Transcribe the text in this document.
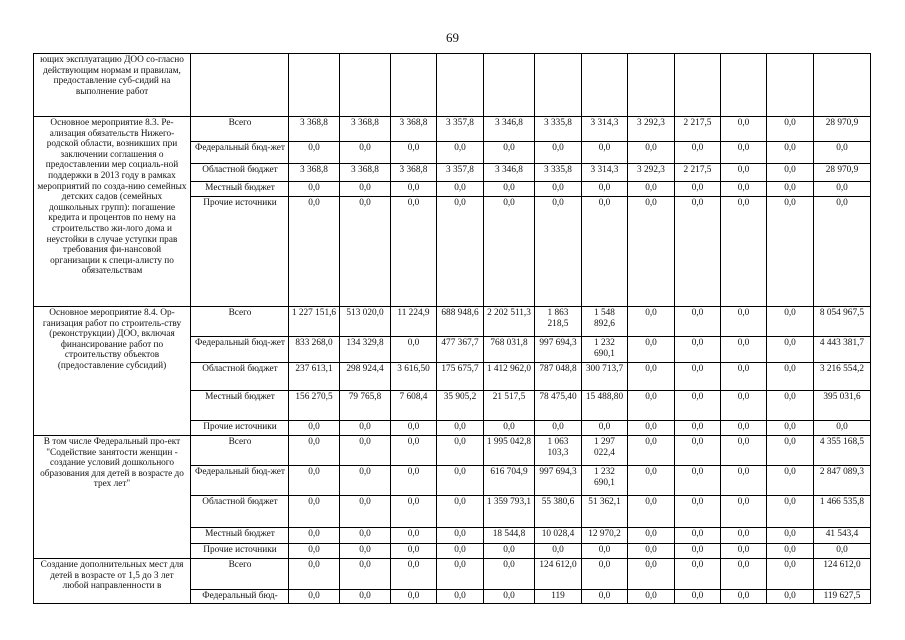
69
ющих эксплуатацию ДОО со-гласно действующим нормам и правилам, предоставление суб-сидий на выполнение работ													
Основное мероприятие 8.3. Ре-ализация обязательств Нижего-родской области, возникших при заключении соглашения о предоставлении мер социаль-ной поддержки в 2013 году в рамках мероприятий по созда-нию семейных детских садов (семейных дошкольных групп): погашение кредита и процентов по нему на строительство жи-лого дома и неустойки в случае уступки прав требования фи-нансовой организации к специ-алисту по обязательствам	Всего	3 368,8	3 368,8	3 368,8	3 357,8	3 346,8	3 335,8	3 314,3	3 292,3	2 217,5	0,0	0,0	28 970,9
	Федеральный бюд-жет	0,0	0,0	0,0	0,0	0,0	0,0	0,0	0,0	0,0	0,0	0,0	0,0
	Областной бюджет	3 368,8	3 368,8	3 368,8	3 357,8	3 346,8	3 335,8	3 314,3	3 292,3	2 217,5	0,0	0,0	28 970,9
	Местный бюджет	0,0	0,0	0,0	0,0	0,0	0,0	0,0	0,0	0,0	0,0	0,0	0,0
	Прочие источники	0,0	0,0	0,0	0,0	0,0	0,0	0,0	0,0	0,0	0,0	0,0	0,0
Основное мероприятие 8.4. Ор-ганизация работ по строитель-ству (реконструкции) ДОО, включая финансирование работ по строительству объектов (предоставление субсидий)	Всего	1 227 151,6	513 020,0	11 224,9	688 948,6	2 202 511,3	1 863 218,5	1 548 892,6	0,0	0,0	0,0	0,0	8 054 967,5
	Федеральный бюд-жет	833 268,0	134 329,8	0,0	477 367,7	768 031,8	997 694,3	1 232 690,1	0,0	0,0	0,0	0,0	4 443 381,7
	Областной бюджет	237 613,1	298 924,4	3 616,50	175 675,7	1 412 962,0	787 048,8	300 713,7	0,0	0,0	0,0	0,0	3 216 554,2
	Местный бюджет	156 270,5	79 765,8	7 608,4	35 905,2	21 517,5	78 475,40	15 488,80	0,0	0,0	0,0	0,0	395 031,6
	Прочие источники	0,0	0,0	0,0	0,0	0,0	0,0	0,0	0,0	0,0	0,0	0,0	0,0
В том числе Федеральный про-ект "Содействие занятости женщин - создание условий дошкольного образования для детей в возрасте до трех лет"	Всего	0,0	0,0	0,0	0,0	1 995 042,8	1 063 103,3	1 297 022,4	0,0	0,0	0,0	0,0	4 355 168,5
	Федеральный бюд-жет	0,0	0,0	0,0	0,0	616 704,9	997 694,3	1 232 690,1	0,0	0,0	0,0	0,0	2 847 089,3
	Областной бюджет	0,0	0,0	0,0	0,0	1 359 793,1	55 380,6	51 362,1	0,0	0,0	0,0	0,0	1 466 535,8
	Местный бюджет	0,0	0,0	0,0	0,0	18 544,8	10 028,4	12 970,2	0,0	0,0	0,0	0,0	41 543,4
	Прочие источники	0,0	0,0	0,0	0,0	0,0	0,0	0,0	0,0	0,0	0,0	0,0	0,0
Создание дополнительных мест для детей в возрасте от 1,5 до 3 лет любой направленности в	Всего	0,0	0,0	0,0	0,0	0,0	124 612,0	0,0	0,0	0,0	0,0	0,0	124 612,0
	Федеральный бюд-	0,0	0,0	0,0	0,0	0,0	119	0,0	0,0	0,0	0,0	0,0	119 627,5
